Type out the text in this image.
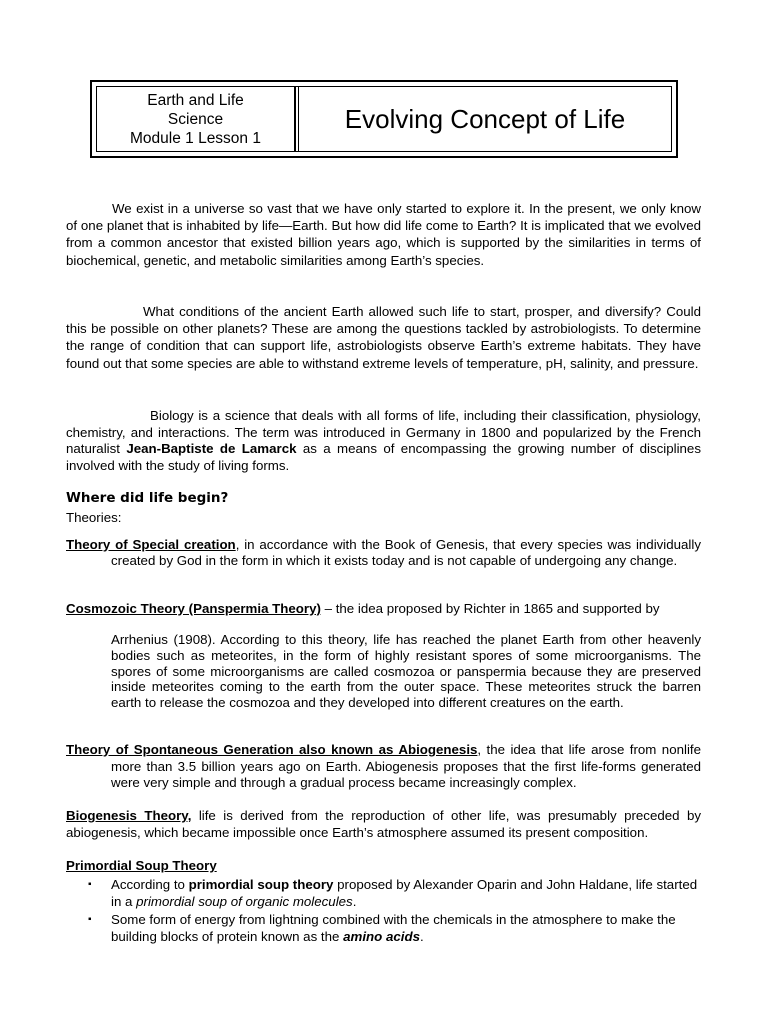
Earth and Life
Science
Module 1 Lesson 1
Evolving Concept of Life
We exist in a universe so vast that we have only started to explore it. In the present, we only know of one planet that is inhabited by life—Earth. But how did life come to Earth? It is implicated that we evolved from a common ancestor that existed billion years ago, which is supported by the similarities in terms of biochemical, genetic, and metabolic similarities among Earth’s species.
What conditions of the ancient Earth allowed such life to start, prosper, and diversify? Could this be possible on other planets? These are among the questions tackled by astrobiologists. To determine the range of condition that can support life, astrobiologists observe Earth’s extreme habitats. They have found out that some species are able to withstand extreme levels of temperature, pH, salinity, and pressure.
Biology is a science that deals with all forms of life, including their classification, physiology, chemistry, and interactions. The term was introduced in Germany in 1800 and popularized by the French naturalist Jean-Baptiste de Lamarck as a means of encompassing the growing number of disciplines involved with the study of living forms.
Where did life begin?
Theories:
Theory of Special creation, in accordance with the Book of Genesis, that every species was individually created by God in the form in which it exists today and is not capable of undergoing any change.
Cosmozoic Theory (Panspermia Theory) – the idea proposed by Richter in 1865 and supported by
Arrhenius (1908). According to this theory, life has reached the planet Earth from other heavenly bodies such as meteorites, in the form of highly resistant spores of some microorganisms. The spores of some microorganisms are called cosmozoa or panspermia because they are preserved inside meteorites coming to the earth from the outer space. These meteorites struck the barren earth to release the cosmozoa and they developed into different creatures on the earth.
Theory of Spontaneous Generation also known as Abiogenesis, the idea that life arose from nonlife more than 3.5 billion years ago on Earth. Abiogenesis proposes that the first life-forms generated were very simple and through a gradual process became increasingly complex.
Biogenesis Theory, life is derived from the reproduction of other life, was presumably preceded by abiogenesis, which became impossible once Earth’s atmosphere assumed its present composition.
Primordial Soup Theory
▪ According to primordial soup theory proposed by Alexander Oparin and John Haldane, life started in a primordial soup of organic molecules.
▪ Some form of energy from lightning combined with the chemicals in the atmosphere to make the building blocks of protein known as the amino acids.
